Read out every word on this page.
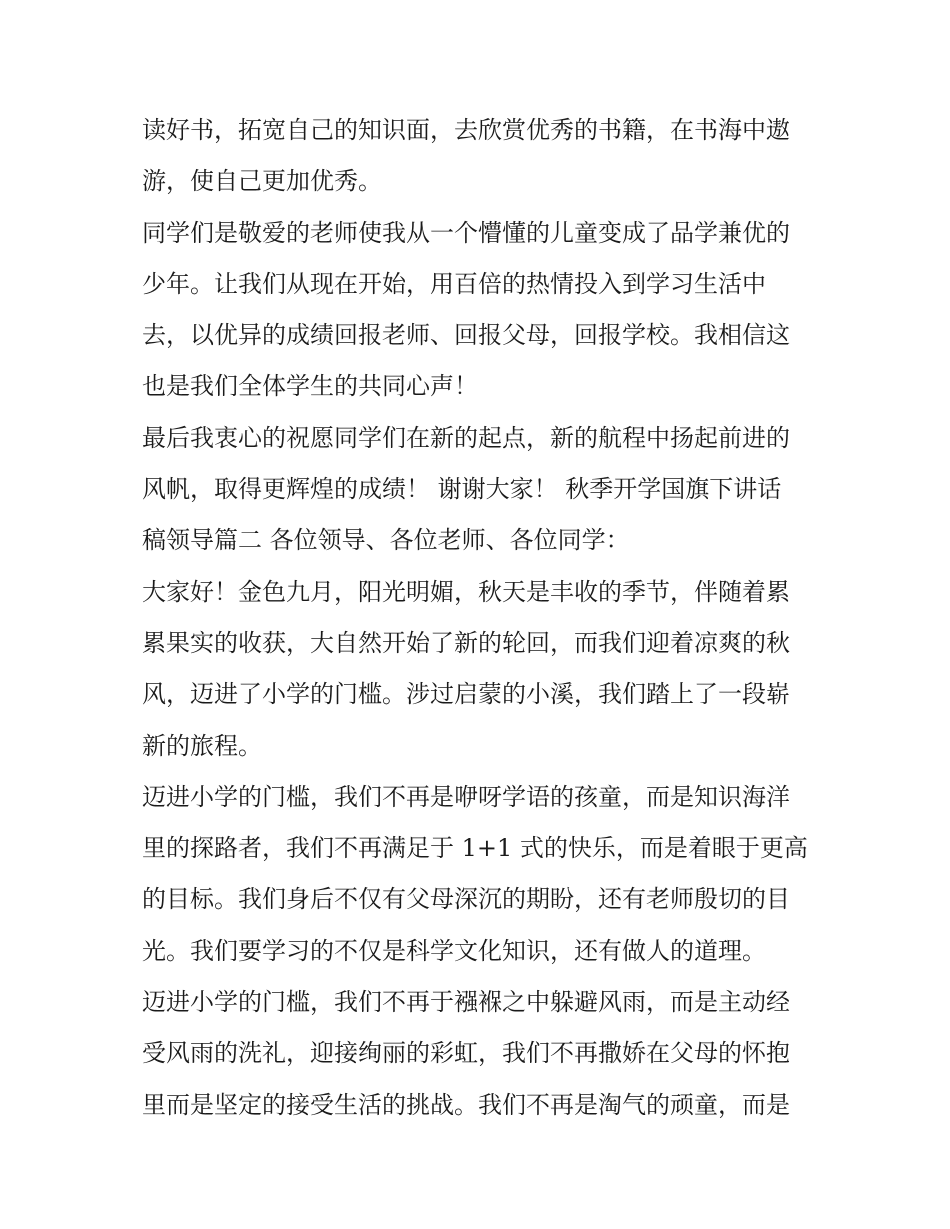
读好书，拓宽自己的知识面，去欣赏优秀的书籍，在书海中遨
游，使自己更加优秀。
同学们是敬爱的老师使我从一个懵懂的儿童变成了品学兼优的
少年。让我们从现在开始，用百倍的热情投入到学习生活中
去，以优异的成绩回报老师、回报父母，回报学校。我相信这
也是我们全体学生的共同心声！
最后我衷心的祝愿同学们在新的起点，新的航程中扬起前进的
风帆，取得更辉煌的成绩！ 谢谢大家！ 秋季开学国旗下讲话
稿领导篇二 各位领导、各位老师、各位同学：
大家好！金色九月，阳光明媚，秋天是丰收的季节，伴随着累
累果实的收获，大自然开始了新的轮回，而我们迎着凉爽的秋
风，迈进了小学的门槛。涉过启蒙的小溪，我们踏上了一段崭
新的旅程。
迈进小学的门槛，我们不再是咿呀学语的孩童，而是知识海洋
里的探路者，我们不再满足于 1+1 式的快乐，而是着眼于更高
的目标。我们身后不仅有父母深沉的期盼，还有老师殷切的目
光。我们要学习的不仅是科学文化知识，还有做人的道理。
迈进小学的门槛，我们不再于襁褓之中躲避风雨，而是主动经
受风雨的洗礼，迎接绚丽的彩虹，我们不再撒娇在父母的怀抱
里而是坚定的接受生活的挑战。我们不再是淘气的顽童，而是
